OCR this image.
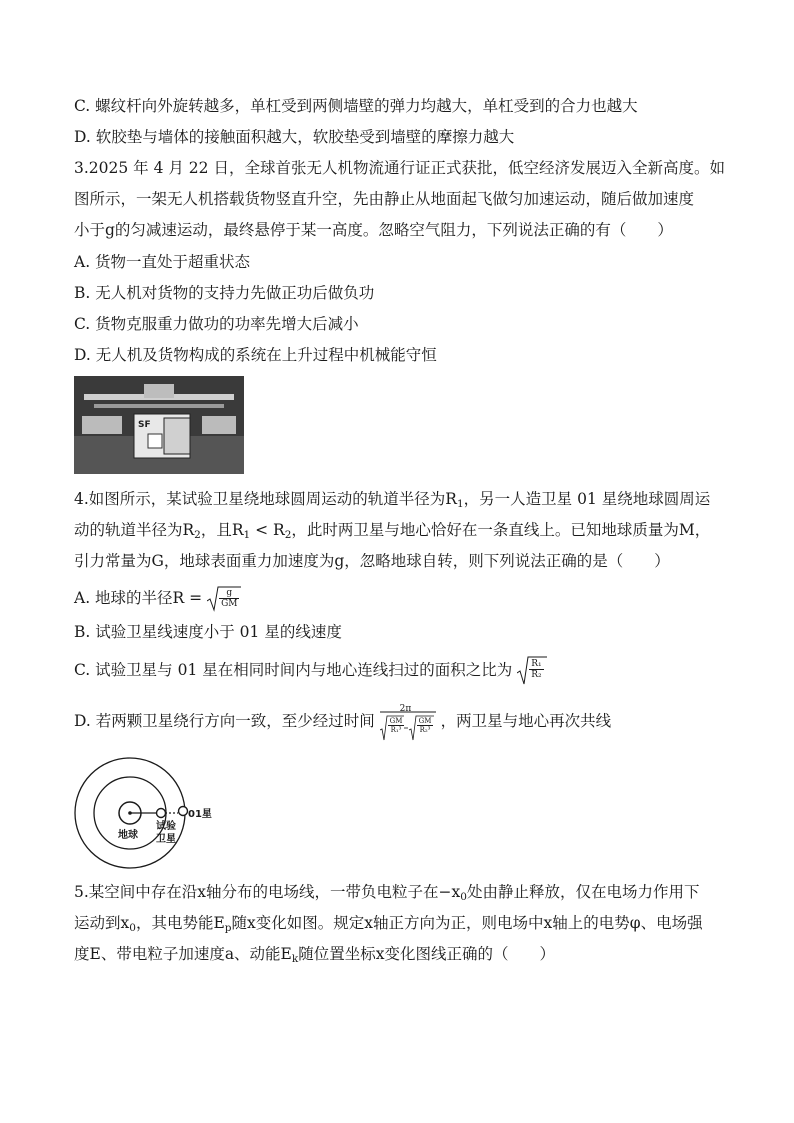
C. 螺纹杆向外旋转越多，单杠受到两侧墙壁的弹力均越大，单杠受到的合力也越大
D. 软胶垫与墙体的接触面积越大，软胶垫受到墙壁的摩擦力越大
3.2025 年 4 月 22 日，全球首张无人机物流通行证正式获批，低空经济发展迈入全新高度。如
图所示，一架无人机搭载货物竖直升空，先由静止从地面起飞做匀加速运动，随后做加速度
小于g的匀减速运动，最终悬停于某一高度。忽略空气阻力，下列说法正确的有（　　）
A. 货物一直处于超重状态
B. 无人机对货物的支持力先做正功后做负功
C. 货物克服重力做功的功率先增大后减小
D. 无人机及货物构成的系统在上升过程中机械能守恒
SF
4.如图所示，某试验卫星绕地球圆周运动的轨道半径为$R_1$，另一人造卫星 01 星绕地球圆周运
动的轨道半径为$R_2$，且$R_1 < R_2$，此时两卫星与地心恰好在一条直线上。已知地球质量为M，
引力常量为G，地球表面重力加速度为g，忽略地球自转，则下列说法正确的是（　　）
A. 地球的半径$R = \frac{g}{GM}$
B. 试验卫星线速度小于 01 星的线速度
C. 试验卫星与 01 星在相同时间内与地心连线扫过的面积之比为 $\frac{\text{R₁}}{\text{R₂}}$
D. 若两颗卫星绕行方向一致，至少经过时间
2π
$\frac{GM}{\text{R₁³}} \frac{GM}{\text{R₂³}}$ ，两卫星与地心再次共线
地球
试验
卫星
01星
5.某空间中存在沿x轴分布的电场线，一带负电粒子在$-x_0$处由静止释放，仅在电场力作用下
运动到$x_0$，其电势能$E_p$随x变化如图。规定x轴正方向为正，则电场中x轴上的电势φ、电场强
度E、带电粒子加速度a、动能$E_k$随位置坐标x变化图线正确的（　　）
